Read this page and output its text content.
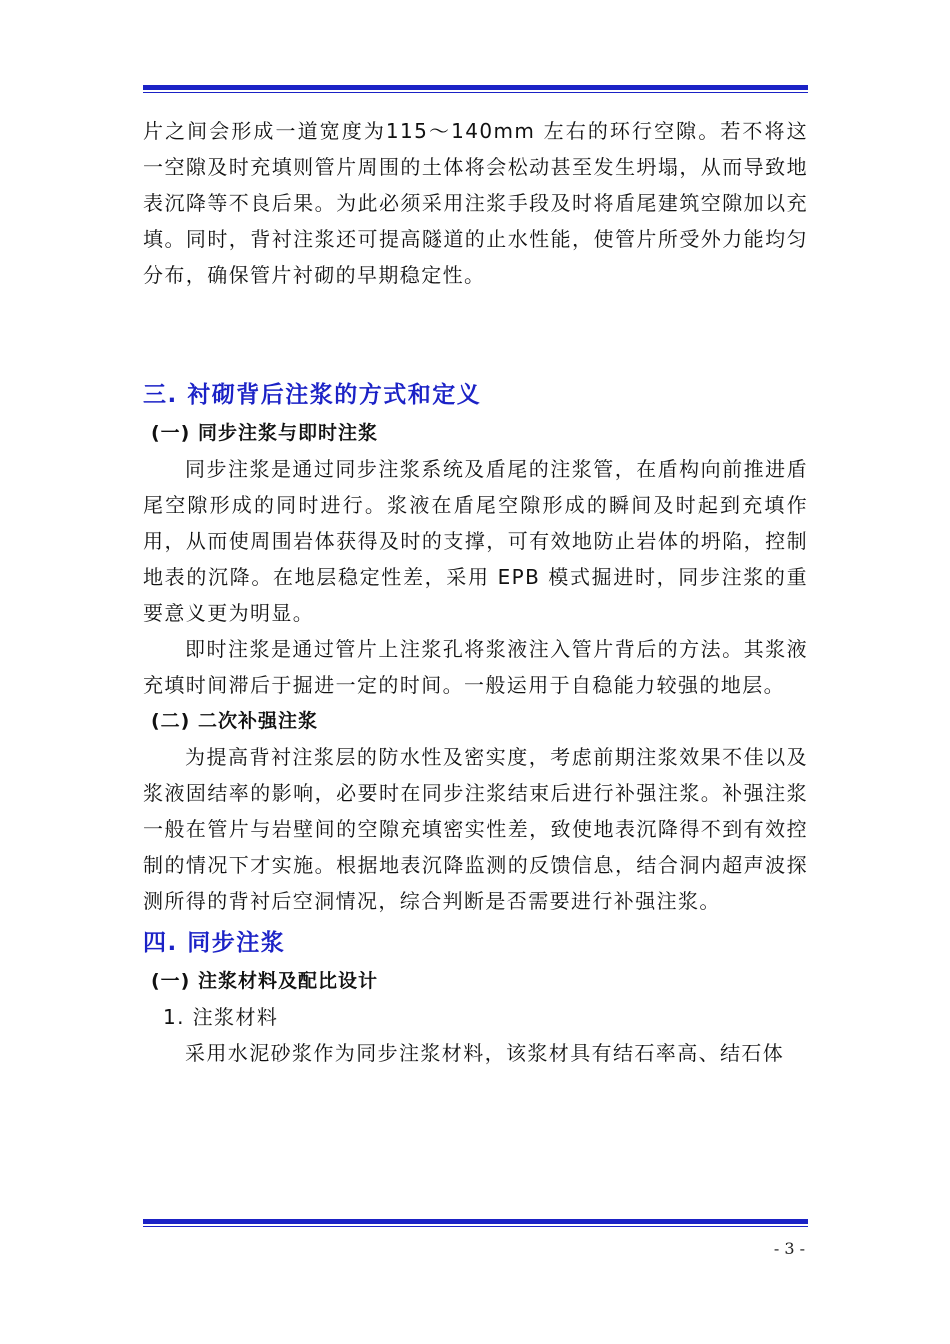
片之间会形成一道宽度为115～140mm 左右的环行空隙。若不将这一空隙及时充填则管片周围的土体将会松动甚至发生坍塌，从而导致地表沉降等不良后果。为此必须采用注浆手段及时将盾尾建筑空隙加以充填。同时，背衬注浆还可提高隧道的止水性能，使管片所受外力能均匀分布，确保管片衬砌的早期稳定性。

三. 衬砌背后注浆的方式和定义
(一) 同步注浆与即时注浆

同步注浆是通过同步注浆系统及盾尾的注浆管，在盾构向前推进盾尾空隙形成的同时进行。浆液在盾尾空隙形成的瞬间及时起到充填作用，从而使周围岩体获得及时的支撑，可有效地防止岩体的坍陷，控制地表的沉降。在地层稳定性差，采用 EPB 模式掘进时，同步注浆的重要意义更为明显。

即时注浆是通过管片上注浆孔将浆液注入管片背后的方法。其浆液充填时间滞后于掘进一定的时间。一般运用于自稳能力较强的地层。

(二) 二次补强注浆

为提高背衬注浆层的防水性及密实度，考虑前期注浆效果不佳以及浆液固结率的影响，必要时在同步注浆结束后进行补强注浆。补强注浆一般在管片与岩壁间的空隙充填密实性差，致使地表沉降得不到有效控制的情况下才实施。根据地表沉降监测的反馈信息，结合洞内超声波探测所得的背衬后空洞情况，综合判断是否需要进行补强注浆。

四. 同步注浆
(一) 注浆材料及配比设计

1. 注浆材料

采用水泥砂浆作为同步注浆材料，该浆材具有结石率高、结石体

- 3 -
